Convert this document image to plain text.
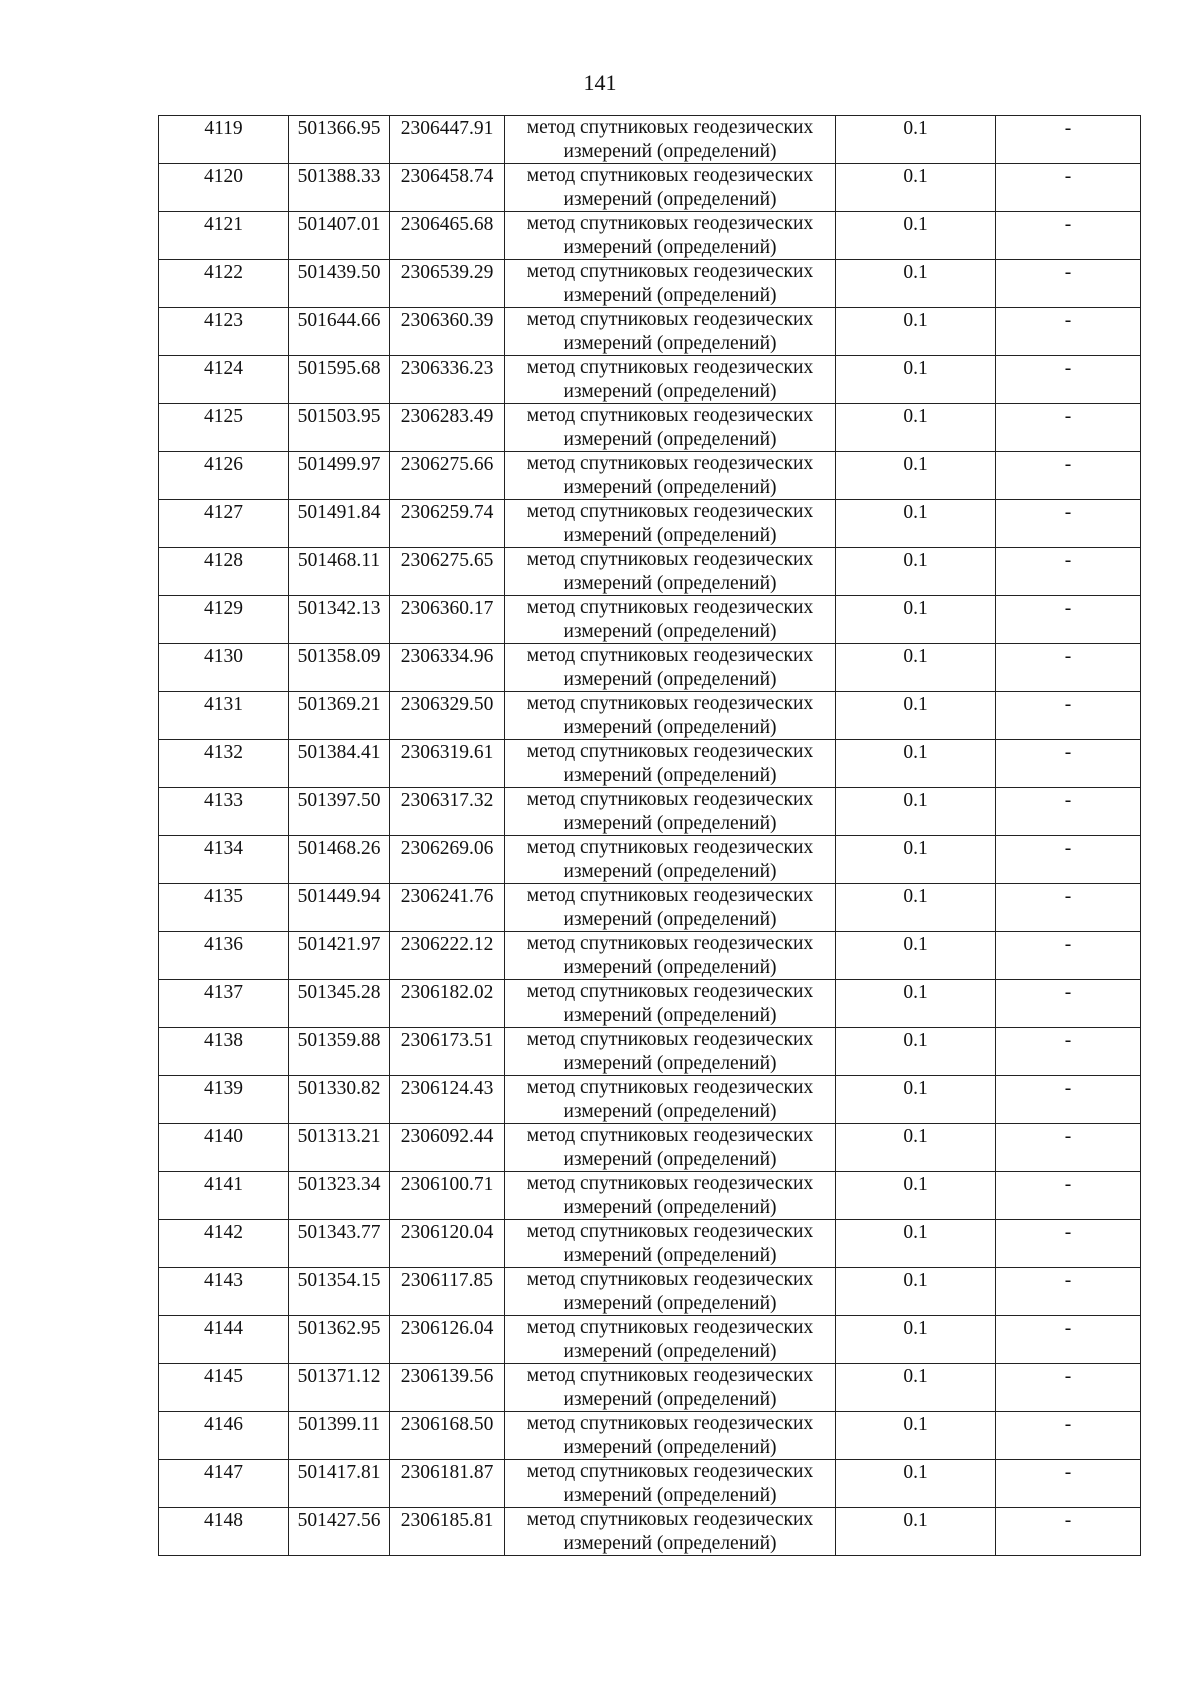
141
4119	501366.95	2306447.91	метод спутниковых геодезических измерений (определений)	0.1	-
4120	501388.33	2306458.74	метод спутниковых геодезических измерений (определений)	0.1	-
4121	501407.01	2306465.68	метод спутниковых геодезических измерений (определений)	0.1	-
4122	501439.50	2306539.29	метод спутниковых геодезических измерений (определений)	0.1	-
4123	501644.66	2306360.39	метод спутниковых геодезических измерений (определений)	0.1	-
4124	501595.68	2306336.23	метод спутниковых геодезических измерений (определений)	0.1	-
4125	501503.95	2306283.49	метод спутниковых геодезических измерений (определений)	0.1	-
4126	501499.97	2306275.66	метод спутниковых геодезических измерений (определений)	0.1	-
4127	501491.84	2306259.74	метод спутниковых геодезических измерений (определений)	0.1	-
4128	501468.11	2306275.65	метод спутниковых геодезических измерений (определений)	0.1	-
4129	501342.13	2306360.17	метод спутниковых геодезических измерений (определений)	0.1	-
4130	501358.09	2306334.96	метод спутниковых геодезических измерений (определений)	0.1	-
4131	501369.21	2306329.50	метод спутниковых геодезических измерений (определений)	0.1	-
4132	501384.41	2306319.61	метод спутниковых геодезических измерений (определений)	0.1	-
4133	501397.50	2306317.32	метод спутниковых геодезических измерений (определений)	0.1	-
4134	501468.26	2306269.06	метод спутниковых геодезических измерений (определений)	0.1	-
4135	501449.94	2306241.76	метод спутниковых геодезических измерений (определений)	0.1	-
4136	501421.97	2306222.12	метод спутниковых геодезических измерений (определений)	0.1	-
4137	501345.28	2306182.02	метод спутниковых геодезических измерений (определений)	0.1	-
4138	501359.88	2306173.51	метод спутниковых геодезических измерений (определений)	0.1	-
4139	501330.82	2306124.43	метод спутниковых геодезических измерений (определений)	0.1	-
4140	501313.21	2306092.44	метод спутниковых геодезических измерений (определений)	0.1	-
4141	501323.34	2306100.71	метод спутниковых геодезических измерений (определений)	0.1	-
4142	501343.77	2306120.04	метод спутниковых геодезических измерений (определений)	0.1	-
4143	501354.15	2306117.85	метод спутниковых геодезических измерений (определений)	0.1	-
4144	501362.95	2306126.04	метод спутниковых геодезических измерений (определений)	0.1	-
4145	501371.12	2306139.56	метод спутниковых геодезических измерений (определений)	0.1	-
4146	501399.11	2306168.50	метод спутниковых геодезических измерений (определений)	0.1	-
4147	501417.81	2306181.87	метод спутниковых геодезических измерений (определений)	0.1	-
4148	501427.56	2306185.81	метод спутниковых геодезических измерений (определений)	0.1	-
